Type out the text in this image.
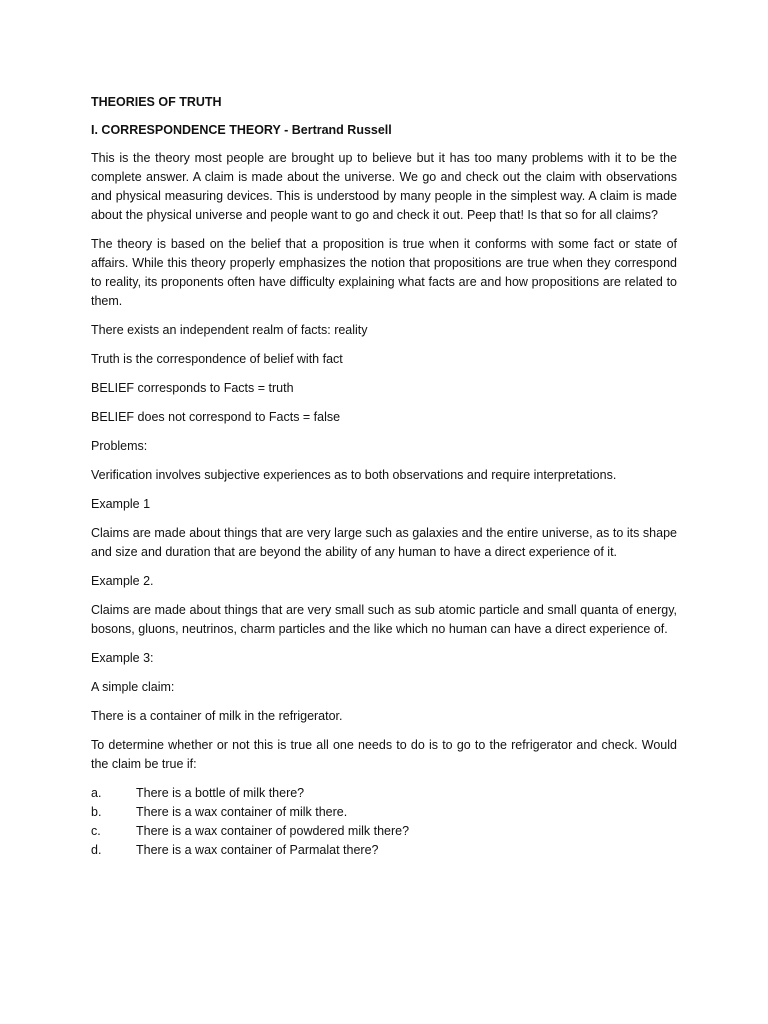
THEORIES OF TRUTH

I. CORRESPONDENCE THEORY - Bertrand Russell

This is the theory most people are brought up to believe but it has too many problems with it to be the complete answer. A claim is made about the universe. We go and check out the claim with observations and physical measuring devices. This is understood by many people in the simplest way. A claim is made about the physical universe and people want to go and check it out. Peep that! Is that so for all claims?

The theory is based on the belief that a proposition is true when it conforms with some fact or state of affairs. While this theory properly emphasizes the notion that propositions are true when they correspond to reality, its proponents often have difficulty explaining what facts are and how propositions are related to them.

There exists an independent realm of facts: reality

Truth is the correspondence of belief with fact

BELIEF corresponds to Facts = truth

BELIEF does not correspond to Facts = false

Problems:

Verification involves subjective experiences as to both observations and require interpretations.

Example 1

Claims are made about things that are very large such as galaxies and the entire universe, as to its shape and size and duration that are beyond the ability of any human to have a direct experience of it.

Example 2.

Claims are made about things that are very small such as sub atomic particle and small quanta of energy, bosons, gluons, neutrinos, charm particles and the like which no human can have a direct experience of.

Example 3:

A simple claim:

There is a container of milk in the refrigerator.

To determine whether or not this is true all one needs to do is to go to the refrigerator and check. Would the claim be true if:

a.	There is a bottle of milk there?
b.	There is a wax container of milk there.
c.	There is a wax container of powdered milk there?
d.	There is a wax container of Parmalat there?
